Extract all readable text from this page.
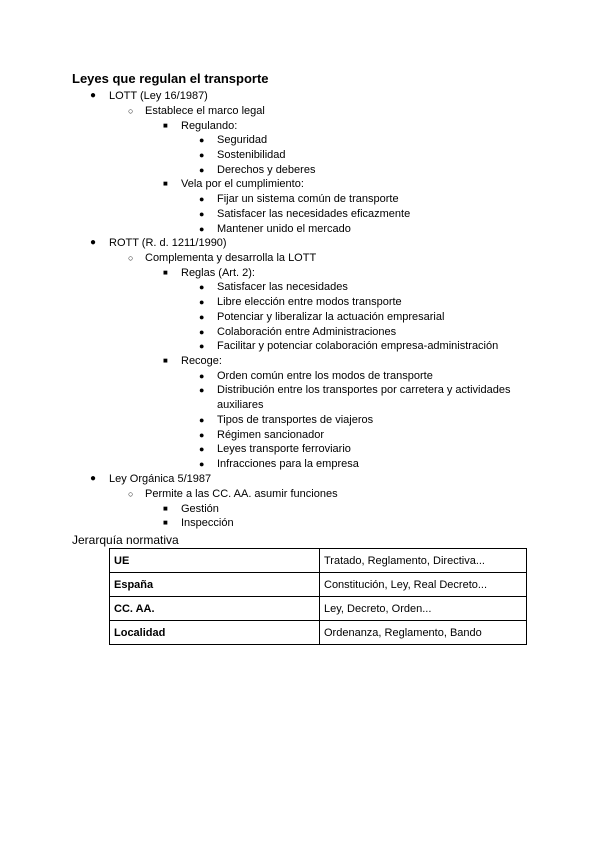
Leyes que regulan el transporte
● LOTT (Ley 16/1987)
○ Establece el marco legal
■ Regulando:
● Seguridad
● Sostenibilidad
● Derechos y deberes
■ Vela por el cumplimiento:
● Fijar un sistema común de transporte
● Satisfacer las necesidades eficazmente
● Mantener unido el mercado
● ROTT (R. d. 1211/1990)
○ Complementa y desarrolla la LOTT
■ Reglas (Art. 2):
● Satisfacer las necesidades
● Libre elección entre modos transporte
● Potenciar y liberalizar la actuación empresarial
● Colaboración entre Administraciones
● Facilitar y potenciar colaboración empresa-administración
■ Recoge:
● Orden común entre los modos de transporte
● Distribución entre los transportes por carretera y actividades auxiliares
● Tipos de transportes de viajeros
● Régimen sancionador
● Leyes transporte ferroviario
● Infracciones para la empresa
● Ley Orgánica 5/1987
○ Permite a las CC. AA. asumir funciones
■ Gestión
■ Inspección
Jerarquía normativa
UE	Tratado, Reglamento, Directiva...
España	Constitución, Ley, Real Decreto...
CC. AA.	Ley, Decreto, Orden...
Localidad	Ordenanza, Reglamento, Bando
